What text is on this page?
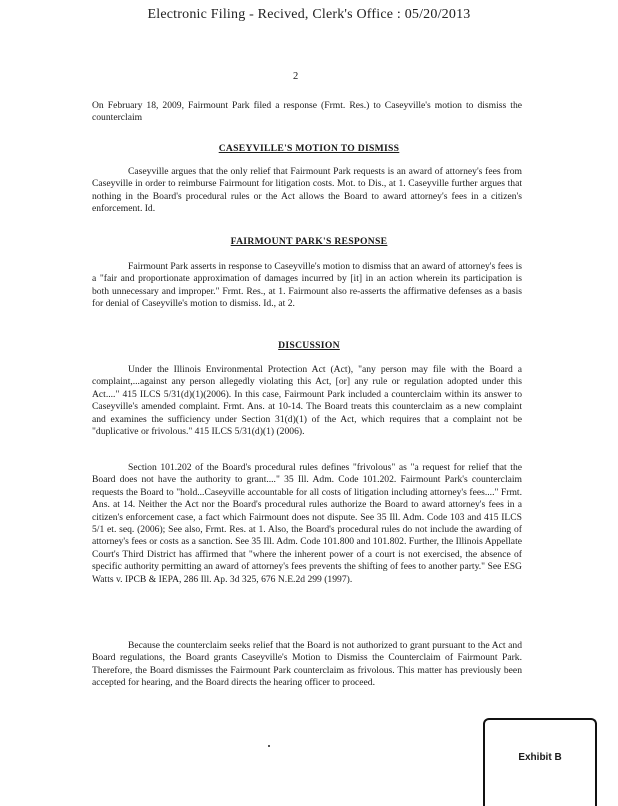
Electronic Filing - Recived, Clerk's Office : 05/20/2013
2

On February 18, 2009, Fairmount Park filed a response (Frmt. Res.) to Caseyville's motion to dismiss the counterclaim

CASEYVILLE'S MOTION TO DISMISS

Caseyville argues that the only relief that Fairmount Park requests is an award of attorney's fees from Caseyville in order to reimburse Fairmount for litigation costs. Mot. to Dis., at 1. Caseyville further argues that nothing in the Board's procedural rules or the Act allows the Board to award attorney's fees in a citizen's enforcement. Id.

FAIRMOUNT PARK'S RESPONSE

Fairmount Park asserts in response to Caseyville's motion to dismiss that an award of attorney's fees is a "fair and proportionate approximation of damages incurred by [it] in an action wherein its participation is both unnecessary and improper." Frmt. Res., at 1. Fairmount also re-asserts the affirmative defenses as a basis for denial of Caseyville's motion to dismiss. Id., at 2.

DISCUSSION

Under the Illinois Environmental Protection Act (Act), "any person may file with the Board a complaint,...against any person allegedly violating this Act, [or] any rule or regulation adopted under this Act...." 415 ILCS 5/31(d)(1)(2006). In this case, Fairmount Park included a counterclaim within its answer to Caseyville's amended complaint. Frmt. Ans. at 10-14. The Board treats this counterclaim as a new complaint and examines the sufficiency under Section 31(d)(1) of the Act, which requires that a complaint not be "duplicative or frivolous." 415 ILCS 5/31(d)(1) (2006).

Section 101.202 of the Board's procedural rules defines "frivolous" as "a request for relief that the Board does not have the authority to grant...." 35 Ill. Adm. Code 101.202. Fairmount Park's counterclaim requests the Board to "hold...Caseyville accountable for all costs of litigation including attorney's fees...." Frmt. Ans. at 14. Neither the Act nor the Board's procedural rules authorize the Board to award attorney's fees in a citizen's enforcement case, a fact which Fairmount does not dispute. See 35 Ill. Adm. Code 103 and 415 ILCS 5/1 et. seq. (2006); See also, Frmt. Res. at 1. Also, the Board's procedural rules do not include the awarding of attorney's fees or costs as a sanction. See 35 Ill. Adm. Code 101.800 and 101.802. Further, the Illinois Appellate Court's Third District has affirmed that "where the inherent power of a court is not exercised, the absence of specific authority permitting an award of attorney's fees prevents the shifting of fees to another party." See ESG Watts v. IPCB & IEPA, 286 Ill. Ap. 3d 325, 676 N.E.2d 299 (1997).

Because the counterclaim seeks relief that the Board is not authorized to grant pursuant to the Act and Board regulations, the Board grants Caseyville's Motion to Dismiss the Counterclaim of Fairmount Park. Therefore, the Board dismisses the Fairmount Park counterclaim as frivolous. This matter has previously been accepted for hearing, and the Board directs the hearing officer to proceed.

Exhibit B
